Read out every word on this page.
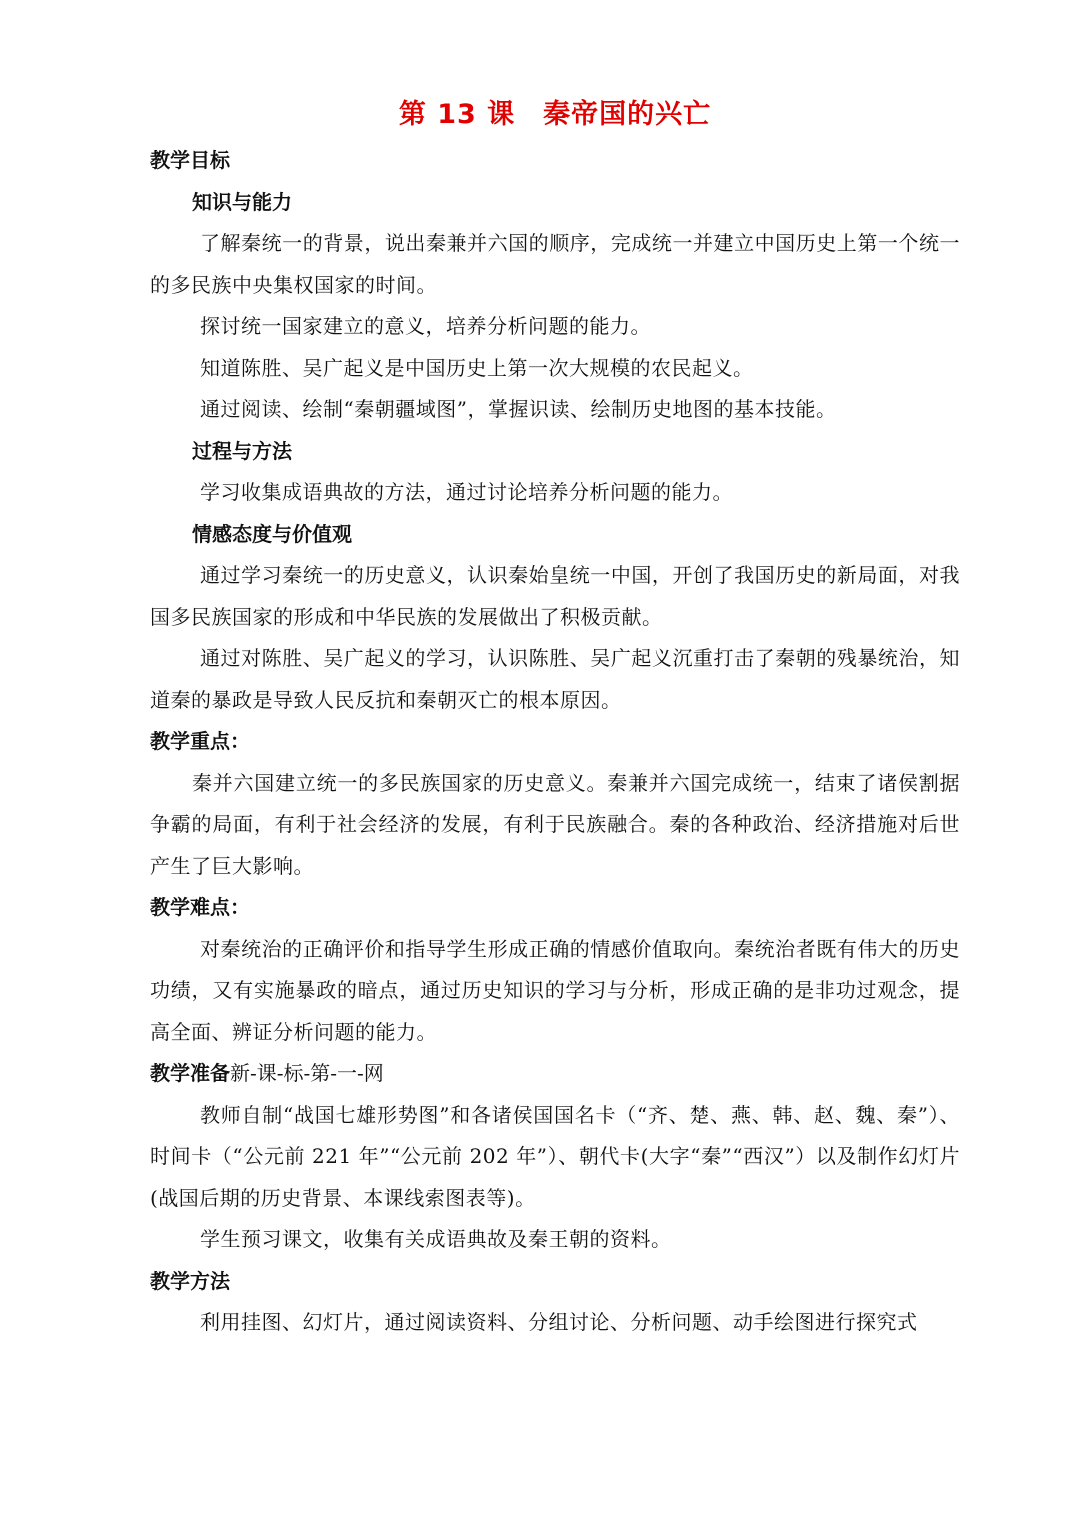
第 13 课　秦帝国的兴亡
教学目标
知识与能力

了解秦统一的背景，说出秦兼并六国的顺序，完成统一并建立中国历史上第一个统一的多民族中央集权国家的时间。

探讨统一国家建立的意义，培养分析问题的能力。

知道陈胜、吴广起义是中国历史上第一次大规模的农民起义。

通过阅读、绘制“秦朝疆域图”，掌握识读、绘制历史地图的基本技能。

过程与方法

学习收集成语典故的方法，通过讨论培养分析问题的能力。

情感态度与价值观

通过学习秦统一的历史意义，认识秦始皇统一中国，开创了我国历史的新局面，对我国多民族国家的形成和中华民族的发展做出了积极贡献。

通过对陈胜、吴广起义的学习，认识陈胜、吴广起义沉重打击了秦朝的残暴统治，知道秦的暴政是导致人民反抗和秦朝灭亡的根本原因。

教学重点：

秦并六国建立统一的多民族国家的历史意义。秦兼并六国完成统一，结束了诸侯割据争霸的局面，有利于社会经济的发展，有利于民族融合。秦的各种政治、经济措施对后世产生了巨大影响。

教学难点：

对秦统治的正确评价和指导学生形成正确的情感价值取向。秦统治者既有伟大的历史功绩，又有实施暴政的暗点，通过历史知识的学习与分析，形成正确的是非功过观念，提高全面、辨证分析问题的能力。

教学准备新-课-标-第-一-网

教师自制“战国七雄形势图”和各诸侯国国名卡（“齐、楚、燕、韩、赵、魏、秦”）、时间卡（“公元前 221 年”“公元前 202 年”）、朝代卡(大字“秦”“西汉”）以及制作幻灯片(战国后期的历史背景、本课线索图表等)。

学生预习课文，收集有关成语典故及秦王朝的资料。

教学方法

利用挂图、幻灯片，通过阅读资料、分组讨论、分析问题、动手绘图进行探究式
